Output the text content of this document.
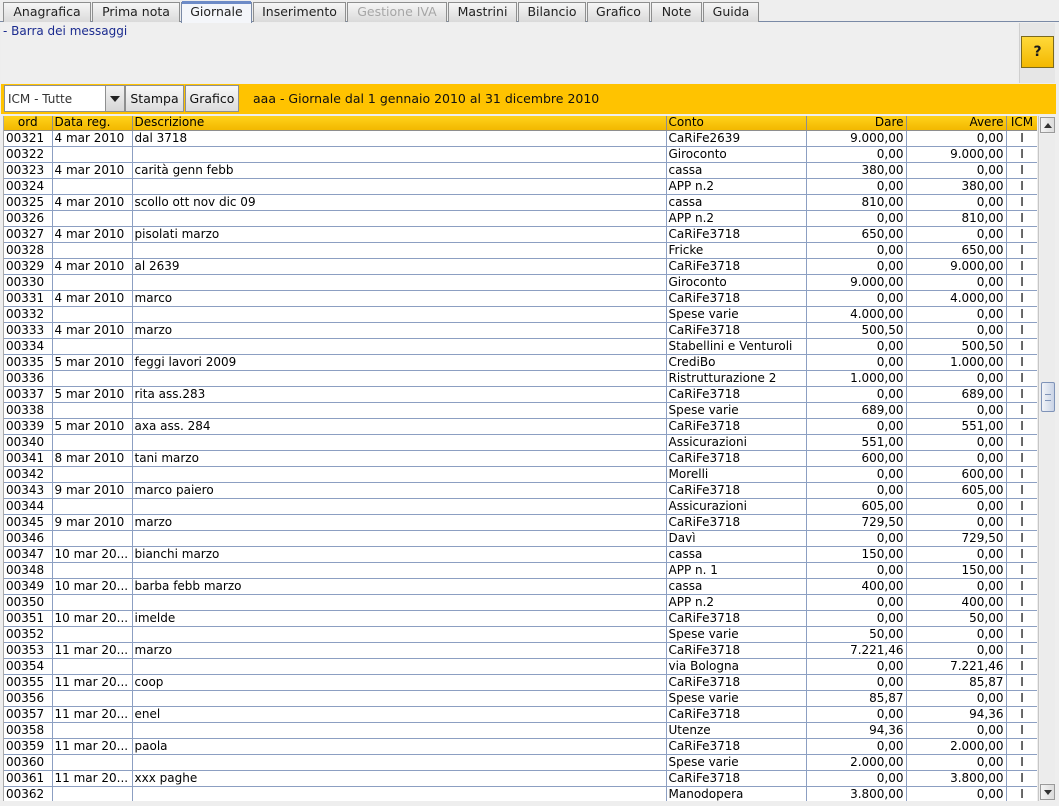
Anagrafica	Prima nota	Giornale	Inserimento	Gestione IVA	Mastrini	Bilancio	Grafico	Note	Guida
- Barra dei messaggi
?
ICM - Tutte	Stampa Grafico	aaa - Giornale dal 1 gennaio 2010 al 31 dicembre 2010
ord	Data reg.	Descrizione	Conto	Dare	Avere	ICM
00321	4 mar 2010	dal 3718	CaRiFe2639	9.000,00	0,00	I
00322			Giroconto	0,00	9.000,00	I
00323	4 mar 2010	carità genn febb	cassa	380,00	0,00	I
00324			APP n.2	0,00	380,00	I
00325	4 mar 2010	scollo ott nov dic 09	cassa	810,00	0,00	I
00326			APP n.2	0,00	810,00	I
00327	4 mar 2010	pisolati marzo	CaRiFe3718	650,00	0,00	I
00328			Fricke	0,00	650,00	I
00329	4 mar 2010	al 2639	CaRiFe3718	0,00	9.000,00	I
00330			Giroconto	9.000,00	0,00	I
00331	4 mar 2010	marco	CaRiFe3718	0,00	4.000,00	I
00332			Spese varie	4.000,00	0,00	I
00333	4 mar 2010	marzo	CaRiFe3718	500,50	0,00	I
00334			Stabellini e Venturoli	0,00	500,50	I
00335	5 mar 2010	feggi lavori 2009	CrediBo	0,00	1.000,00	I
00336			Ristrutturazione 2	1.000,00	0,00	I
00337	5 mar 2010	rita ass.283	CaRiFe3718	0,00	689,00	I
00338			Spese varie	689,00	0,00	I
00339	5 mar 2010	axa ass. 284	CaRiFe3718	0,00	551,00	I
00340			Assicurazioni	551,00	0,00	I
00341	8 mar 2010	tani marzo	CaRiFe3718	600,00	0,00	I
00342			Morelli	0,00	600,00	I
00343	9 mar 2010	marco paiero	CaRiFe3718	0,00	605,00	I
00344			Assicurazioni	605,00	0,00	I
00345	9 mar 2010	marzo	CaRiFe3718	729,50	0,00	I
00346			Davì	0,00	729,50	I
00347	10 mar 20...	bianchi marzo	cassa	150,00	0,00	I
00348			APP n. 1	0,00	150,00	I
00349	10 mar 20...	barba febb marzo	cassa	400,00	0,00	I
00350			APP n.2	0,00	400,00	I
00351	10 mar 20...	imelde	CaRiFe3718	0,00	50,00	I
00352			Spese varie	50,00	0,00	I
00353	11 mar 20...	marzo	CaRiFe3718	7.221,46	0,00	I
00354			via Bologna	0,00	7.221,46	I
00355	11 mar 20...	coop	CaRiFe3718	0,00	85,87	I
00356			Spese varie	85,87	0,00	I
00357	11 mar 20...	enel	CaRiFe3718	0,00	94,36	I
00358			Utenze	94,36	0,00	I
00359	11 mar 20...	paola	CaRiFe3718	0,00	2.000,00	I
00360			Spese varie	2.000,00	0,00	I
00361	11 mar 20...	xxx paghe	CaRiFe3718	0,00	3.800,00	I
00362			Manodopera	3.800,00	0,00	I
